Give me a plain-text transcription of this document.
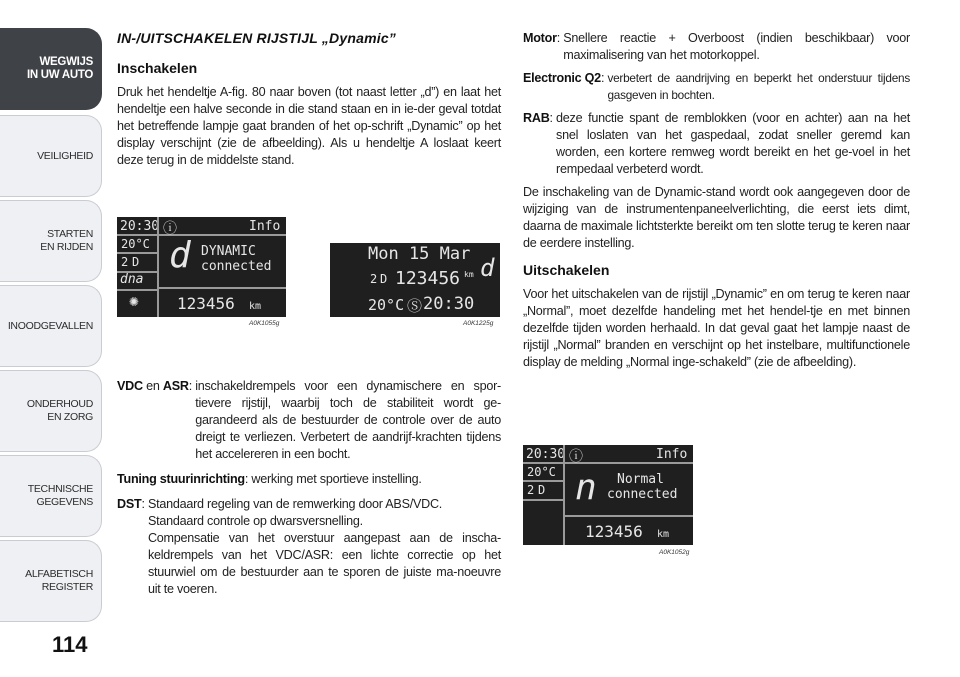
WEGWIJS
IN UW AUTO
VEILIGHEID
STARTEN
EN RIJDEN
INOODGEVALLEN
ONDERHOUD
EN ZORG
TECHNISCHE
GEGEVENS
ALFABETISCH
REGISTER
114
IN-/UITSCHAKELEN RIJSTIJL „Dynamic”
Inschakelen

Druk het hendeltje A-fig. 80 naar boven (tot naast letter „d”) en laat het hendeltje een halve seconde in die stand staan en in ie-der geval totdat het betreffende lampje gaat branden of het op-schrift „Dynamic” op het display verschijnt (zie de afbeelding). Als u hendeltje A loslaat keert deze terug in de middelste stand.

20:30 ⓘ	Info
20°C
2 D
dna
✺
d DYNAMIC
connected
123456 km
A0K1055g
Mon 15 Mar
2 D 123456 km d
20°C Ⓢ 20:30
A0K1225g
VDC en ASR: inschakeldrempels voor een dynamischere en spor-tievere rijstijl, waarbij toch de stabiliteit wordt ge-garandeerd als de bestuurder de controle over de auto dreigt te verliezen. Verbetert de aandrijf-krachten tijdens het accelereren in een bocht.

Tuning stuurinrichting: werking met sportieve instelling.

DST: Standaard regeling van de remwerking door ABS/VDC.
Standaard controle op dwarsversnelling.
Compensatie van het overstuur aangepast aan de inscha-keldrempels van het VDC/ASR: een lichte correctie op het stuurwiel om de bestuurder aan te sporen de juiste ma-noeuvre uit te voeren.
Motor: Snellere reactie + Overboost (indien beschikbaar) voor maximalisering van het motorkoppel.
Electronic Q2: verbetert de aandrijving en beperkt het onderstuur tijdens gasgeven in bochten.
RAB: deze functie spant de remblokken (voor en achter) aan na het snel loslaten van het gaspedaal, zodat sneller geremd kan worden, een kortere remweg wordt bereikt en het ge-voel in het rempedaal verbeterd wordt.

De inschakeling van de Dynamic-stand wordt ook aangegeven door de wijziging van de instrumentenpaneelverlichting, die eerst iets dimt, daarna de maximale lichtsterkte bereikt om ten slotte terug te keren naar de eerdere instelling.

Uitschakelen

Voor het uitschakelen van de rijstijl „Dynamic” en om terug te keren naar „Normal”, moet dezelfde handeling met het hendel-tje en met binnen dezelfde tijden worden herhaald. In dat geval gaat het lampje naast de rijstijl „Normal” branden en verschijnt op het instelbare, multifunctionele display de melding „Normal inge-schakeld” (zie de afbeelding).

20:30 ⓘ	Info
20°C
2 D n Normal
connected
123456 km
A0K1052g
